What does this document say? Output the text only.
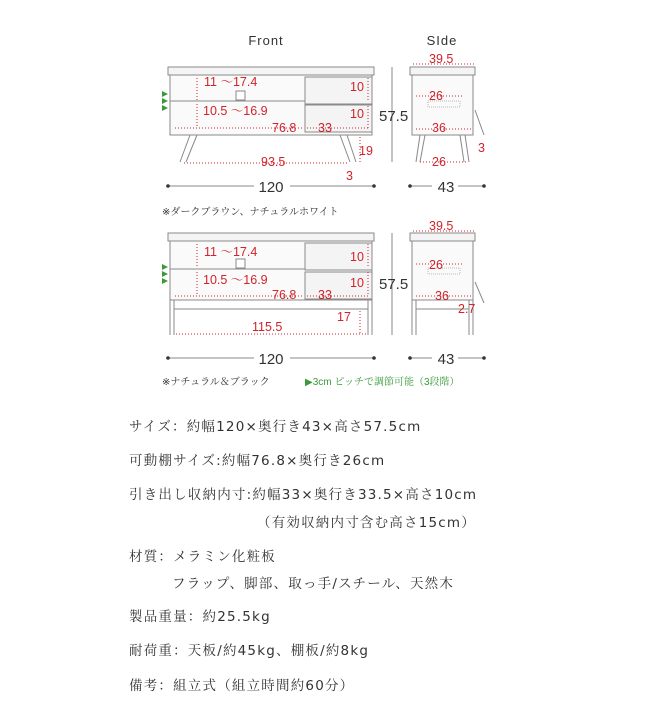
Front	SIde
11 ～17.4
10.5 ～16.9
10
10
76.8 33
57.5
19
93.5
3
120
※ダークブラウン、ナチュラルホワイト
39.5
26
36
26
3
43
11 ～17.4
10.5 ～16.9
10
10
76.8 33
57.5
17
115.5
120
※ナチュラル＆ブラック	▶3cm ピッチで調節可能（3段階）
39.5
26
36
2.7
43
サイズ：約幅120×奥行き43×高さ57.5cm
可動棚サイズ:約幅76.8×奥行き26cm
引き出し収納内寸:約幅33×奥行き33.5×高さ10cm
（有効収納内寸含む高さ15cm）
材質：メラミン化粧板
フラップ、脚部、取っ手/スチール、天然木
製品重量：約25.5kg
耐荷重：天板/約45kg、棚板/約8kg
備考：組立式（組立時間約60分）
